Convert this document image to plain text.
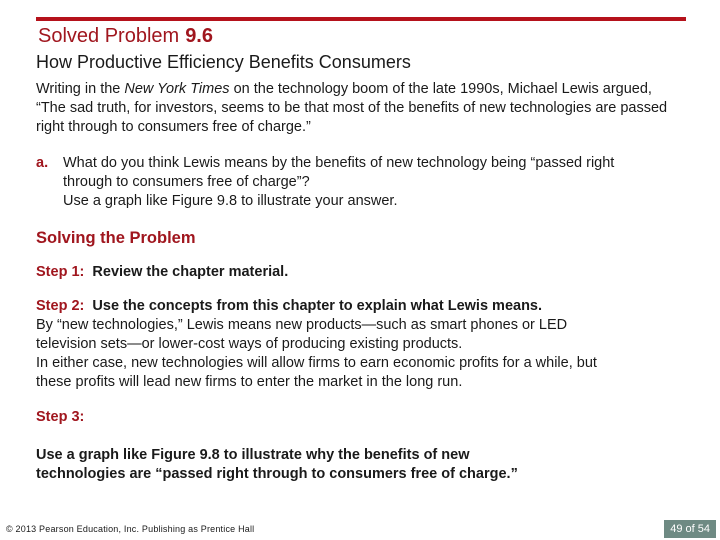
Solved Problem 9.6
How Productive Efficiency Benefits Consumers
Writing in the New York Times on the technology boom of the late 1990s, Michael Lewis argued, “The sad truth, for investors, seems to be that most of the benefits of new technologies are passed right through to consumers free of charge.”
a. What do you think Lewis means by the benefits of new technology being “passed right
through to consumers free of charge”?
Use a graph like Figure 9.8 to illustrate your answer.
Solving the Problem
Step 1: Review the chapter material.
Step 2: Use the concepts from this chapter to explain what Lewis means.
By “new technologies,” Lewis means new products—such as smart phones or LED
television sets—or lower-cost ways of producing existing products.
In either case, new technologies will allow firms to earn economic profits for a while, but
these profits will lead new firms to enter the market in the long run.
Step 3:

Use a graph like Figure 9.8 to illustrate why the benefits of new
technologies are “passed right through to consumers free of charge.”
© 2013 Pearson Education, Inc. Publishing as Prentice Hall	49 of 54
